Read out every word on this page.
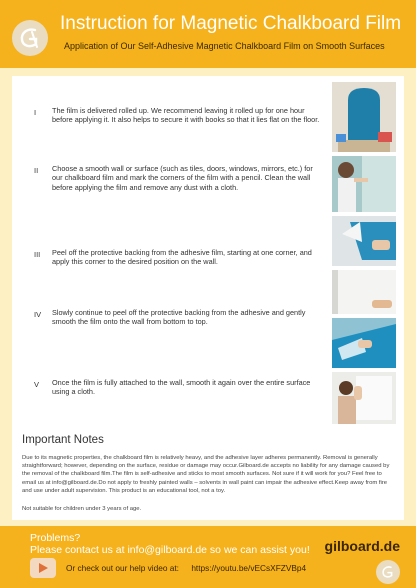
Instruction for Magnetic Chalkboard Film
Application of Our Self-Adhesive Magnetic Chalkboard Film on Smooth Surfaces
I The film is delivered rolled up. We recommend leaving it rolled up for one hour before applying it. It also helps to secure it with books so that it lies flat on the floor.
II Choose a smooth wall or surface (such as tiles, doors, windows, mirrors, etc.) for our chalkboard film and mark the corners of the film with a pencil. Clean the wall before applying the film and remove any dust with a cloth.
III Peel off the protective backing from the adhesive film, starting at one corner, and apply this corner to the desired position on the wall.
IV Slowly continue to peel off the protective backing from the adhesive and gently smooth the film onto the wall from bottom to top.
V Once the film is fully attached to the wall, smooth it again over the entire surface using a cloth.
Important Notes
Due to its magnetic properties, the chalkboard film is relatively heavy, and the adhesive layer adheres permanently. Removal is generally straightforward; however, depending on the surface, residue or damage may occur.Gilboard.de accepts no liability for any damage caused by the removal of the chalkboard film.The film is self-adhesive and sticks to most smooth surfaces. Not sure if it will work for you? Feel free to email us at info@gilboard.de.Do not apply to freshly painted walls – solvents in wall paint can impair the adhesive effect.Keep away from fire and use under adult supervision. This product is an educational tool, not a toy.
Not suitable for children under 3 years of age.
Problems?
Please contact us at info@gilboard.de so we can assist you! gilboard.de
Or check out our help video at: https://youtu.be/vECsXFZVBp4
